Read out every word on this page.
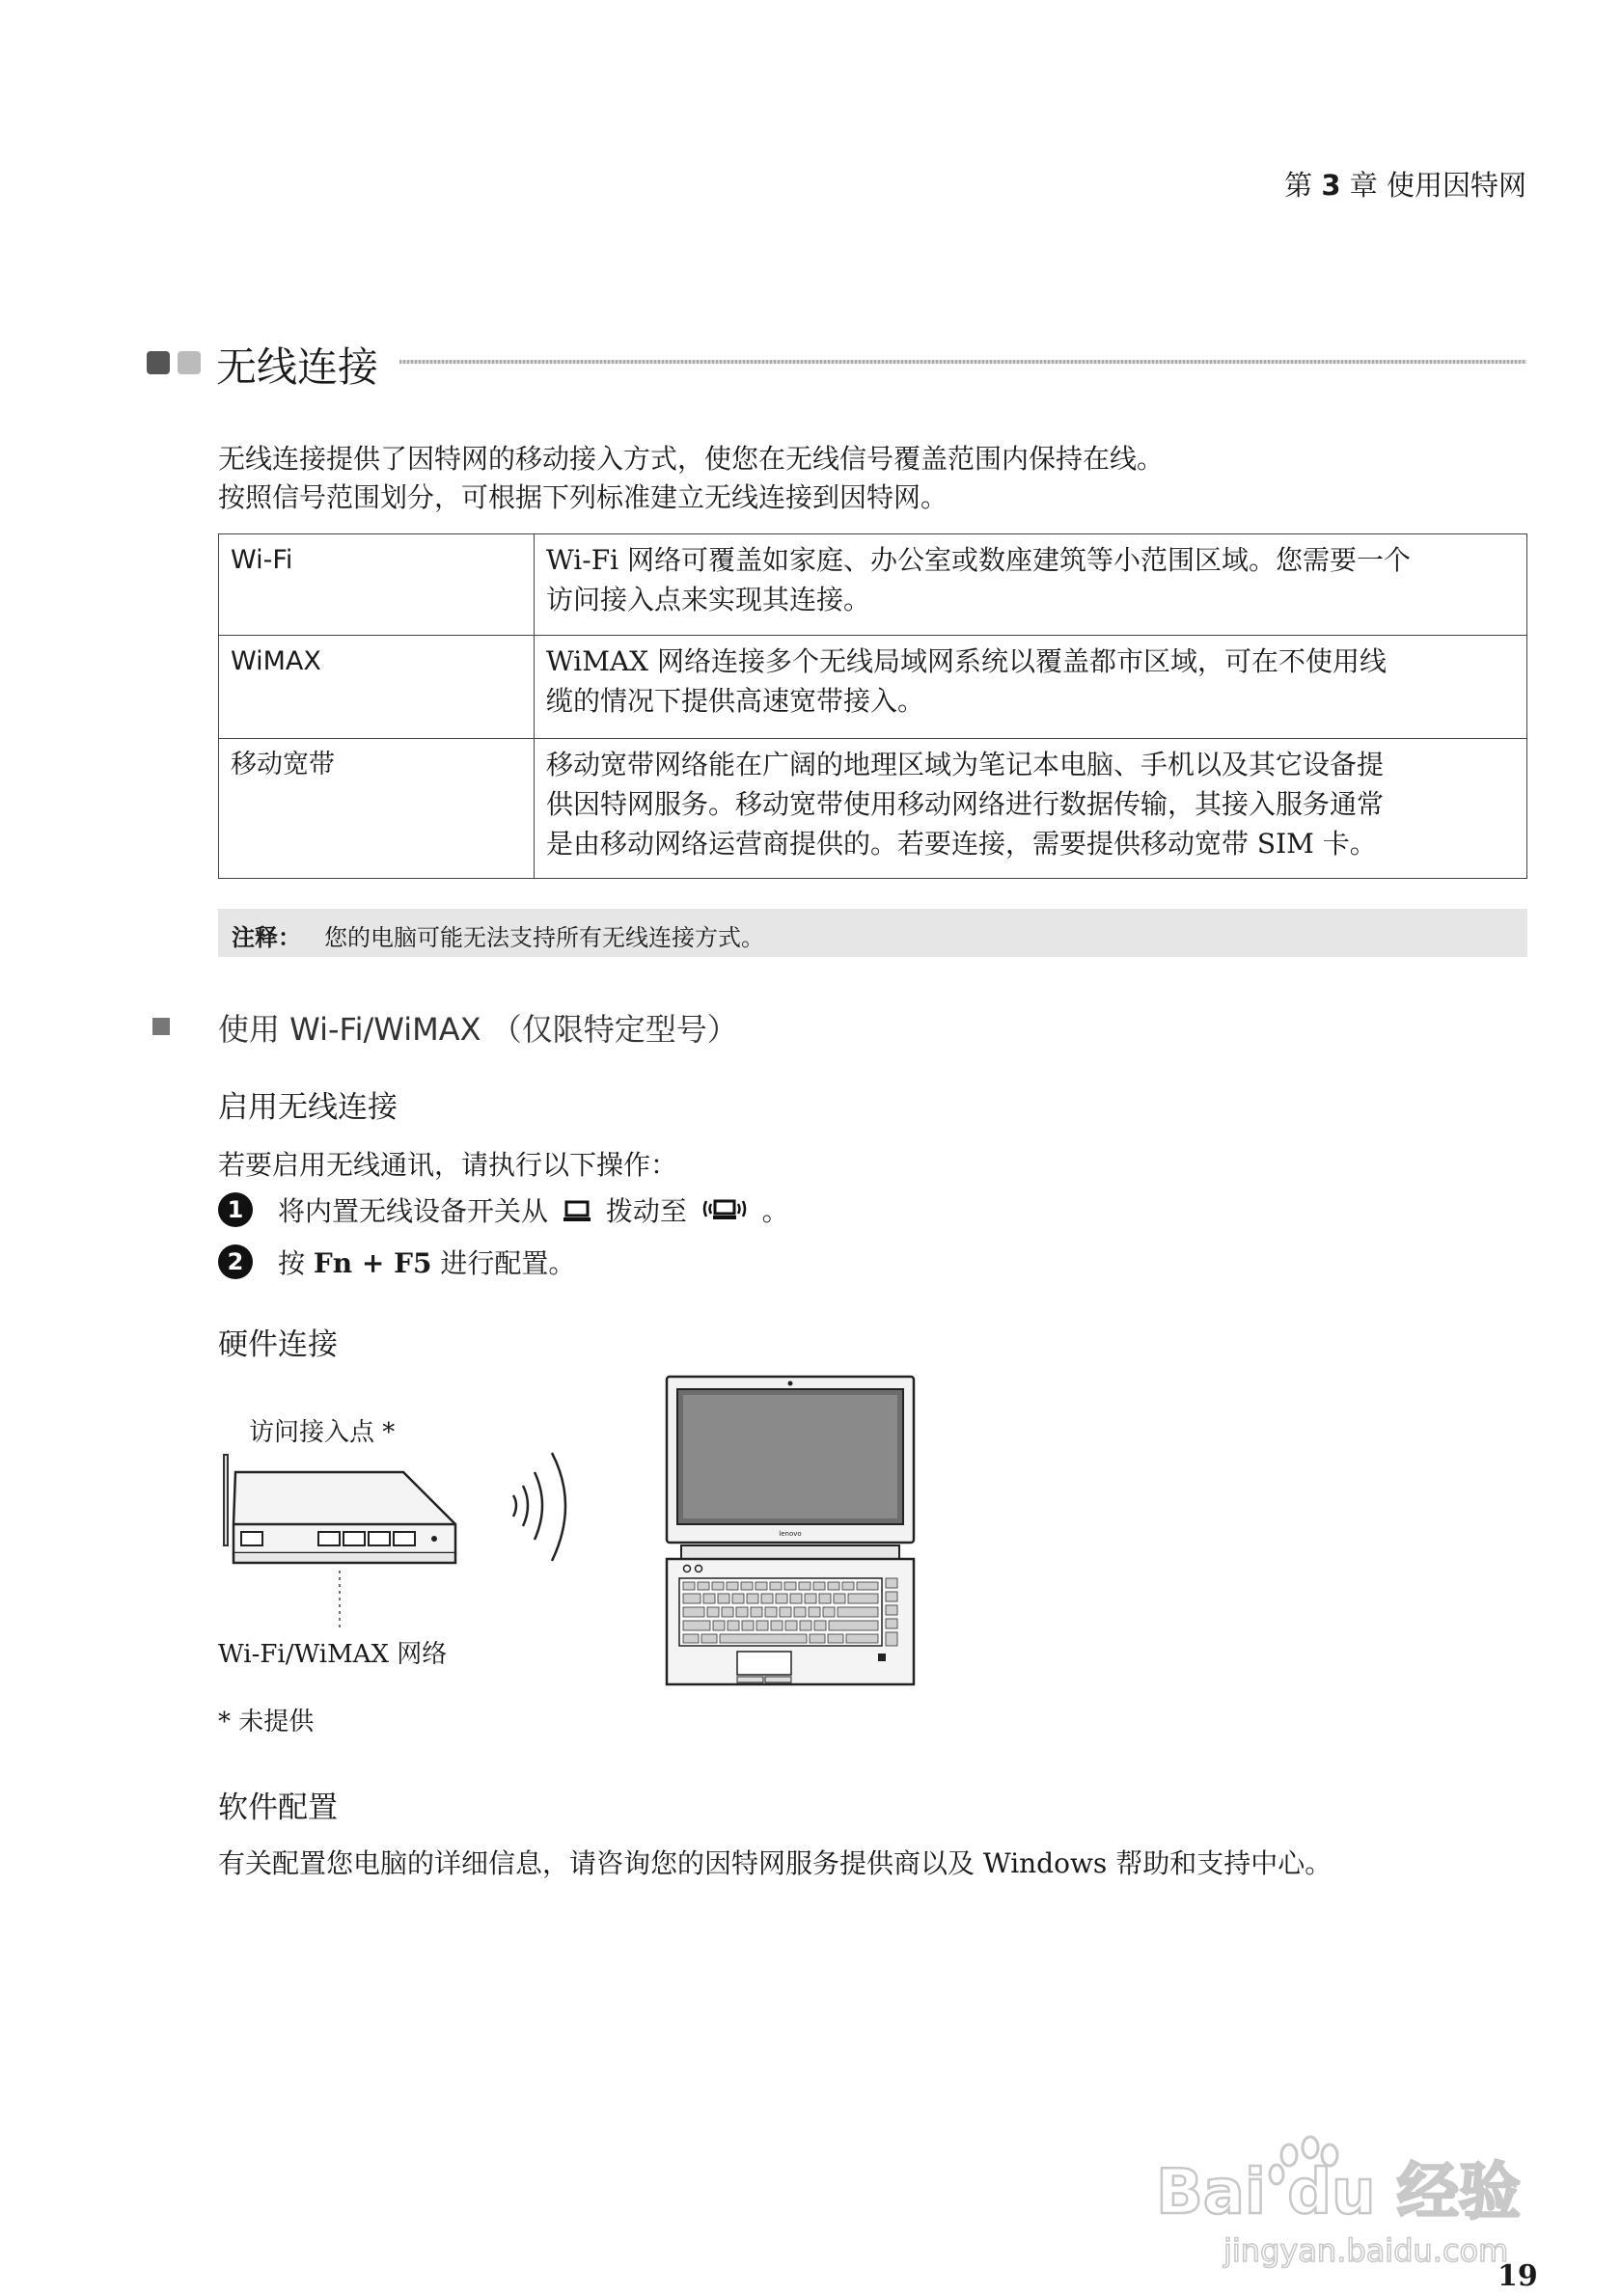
第 3 章 使用因特网
无线连接
无线连接提供了因特网的移动接入方式，使您在无线信号覆盖范围内保持在线。
按照信号范围划分，可根据下列标准建立无线连接到因特网。
Wi-Fi	Wi-Fi 网络可覆盖如家庭、办公室或数座建筑等小范围区域。您需要一个
访问接入点来实现其连接。

WiMAX	WiMAX 网络连接多个无线局域网系统以覆盖都市区域，可在不使用线
缆的情况下提供高速宽带接入。

移动宽带	移动宽带网络能在广阔的地理区域为笔记本电脑、手机以及其它设备提
供因特网服务。移动宽带使用移动网络进行数据传输，其接入服务通常
是由移动网络运营商提供的。若要连接，需要提供移动宽带 SIM 卡。
注释： 您的电脑可能无法支持所有无线连接方式。
使用 Wi-Fi/WiMAX （仅限特定型号）
启用无线连接
若要启用无线通讯，请执行以下操作：
1	将内置无线设备开关从 拨动至	。
2	按 Fn + F5 进行配置。
硬件连接
访问接入点 *
Wi-Fi/WiMAX 网络
lenovo
* 未提供
软件配置
有关配置您电脑的详细信息，请咨询您的因特网服务提供商以及 Windows 帮助和支持中心。
Bai du 经验
jingyan.baidu.com
19
